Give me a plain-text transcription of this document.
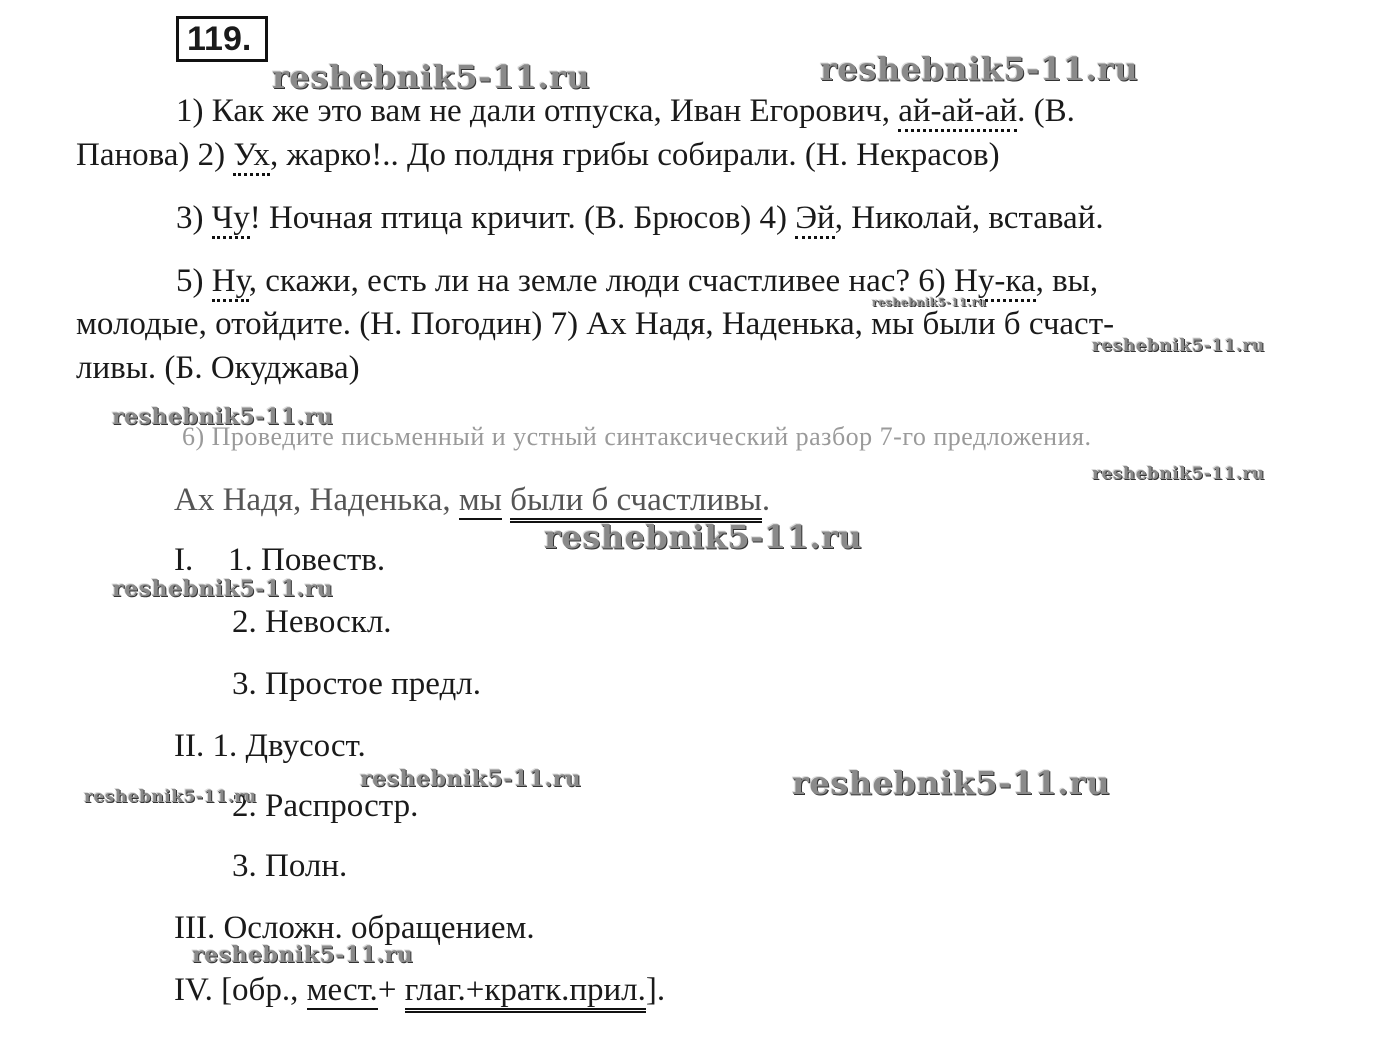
119.
1) Как же это вам не дали отпуска, Иван Егорович, ай-ай-ай. (В.
Панова) 2) Ух, жарко!.. До полдня грибы собирали. (Н. Некрасов)
3) Чу! Ночная птица кричит. (В. Брюсов) 4) Эй, Николай, вставай.
5) Ну, скажи, есть ли на земле люди счастливее нас? 6) Ну-ка, вы,
молодые, отойдите. (Н. Погодин) 7) Ах Надя, Наденька, мы были б счаст-
ливы. (Б. Окуджава)
6) Проведите письменный и устный синтаксический разбор 7-го предложения.
Ах Надя, Наденька, мы были б счастливы.
I. 1. Повеств.
2. Невоскл.
3. Простое предл.
II. 1. Двусост.
2. Распростр.
3. Полн.
III. Осложн. обращением.
IV. [обр., мест.+ глаг.+кратк.прил.].
reshebnik5-11.ru	reshebnik5-11.ru
reshebnik5-11.ru
reshebnik5-11.ru
reshebnik5-11.ru
reshebnik5-11.ru
reshebnik5-11.ru
reshebnik5-11.ru
reshebnik5-11.ru	reshebnik5-11.ru
reshebnik5-11.ru
reshebnik5-11.ru
